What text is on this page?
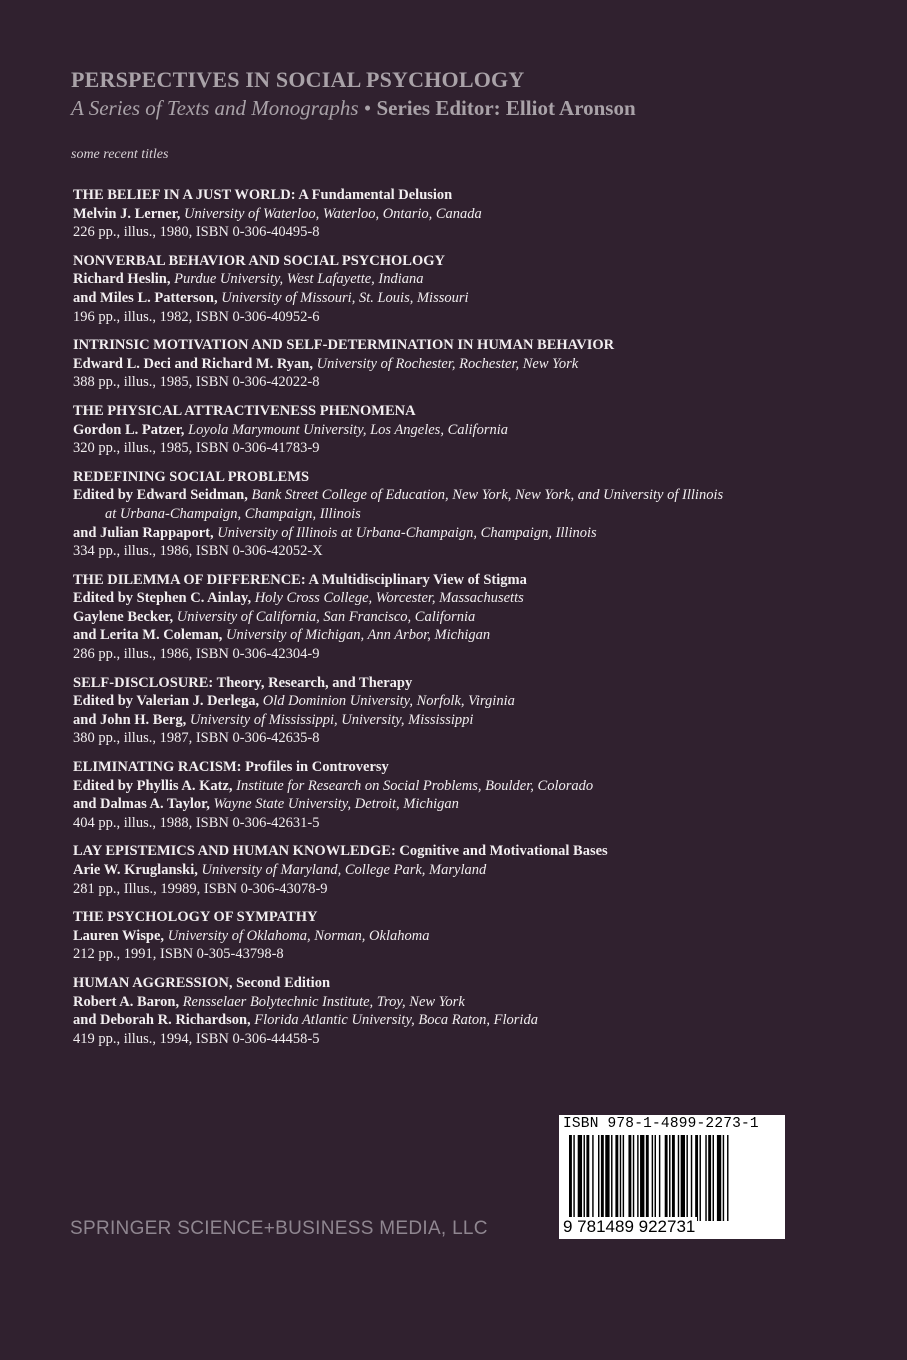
PERSPECTIVES IN SOCIAL PSYCHOLOGY
A Series of Texts and Monographs • Series Editor: Elliot Aronson
some recent titles
THE BELIEF IN A JUST WORLD: A Fundamental Delusion
Melvin J. Lerner, University of Waterloo, Waterloo, Ontario, Canada
226 pp., illus., 1980, ISBN 0-306-40495-8
NONVERBAL BEHAVIOR AND SOCIAL PSYCHOLOGY
Richard Heslin, Purdue University, West Lafayette, Indiana
and Miles L. Patterson, University of Missouri, St. Louis, Missouri
196 pp., illus., 1982, ISBN 0-306-40952-6
INTRINSIC MOTIVATION AND SELF-DETERMINATION IN HUMAN BEHAVIOR
Edward L. Deci and Richard M. Ryan, University of Rochester, Rochester, New York
388 pp., illus., 1985, ISBN 0-306-42022-8
THE PHYSICAL ATTRACTIVENESS PHENOMENA
Gordon L. Patzer, Loyola Marymount University, Los Angeles, California
320 pp., illus., 1985, ISBN 0-306-41783-9
REDEFINING SOCIAL PROBLEMS
Edited by Edward Seidman, Bank Street College of Education, New York, New York, and University of Illinois
at Urbana-Champaign, Champaign, Illinois
and Julian Rappaport, University of Illinois at Urbana-Champaign, Champaign, Illinois
334 pp., illus., 1986, ISBN 0-306-42052-X
THE DILEMMA OF DIFFERENCE: A Multidisciplinary View of Stigma
Edited by Stephen C. Ainlay, Holy Cross College, Worcester, Massachusetts
Gaylene Becker, University of California, San Francisco, California
and Lerita M. Coleman, University of Michigan, Ann Arbor, Michigan
286 pp., illus., 1986, ISBN 0-306-42304-9
SELF-DISCLOSURE: Theory, Research, and Therapy
Edited by Valerian J. Derlega, Old Dominion University, Norfolk, Virginia
and John H. Berg, University of Mississippi, University, Mississippi
380 pp., illus., 1987, ISBN 0-306-42635-8
ELIMINATING RACISM: Profiles in Controversy
Edited by Phyllis A. Katz, Institute for Research on Social Problems, Boulder, Colorado
and Dalmas A. Taylor, Wayne State University, Detroit, Michigan
404 pp., illus., 1988, ISBN 0-306-42631-5
LAY EPISTEMICS AND HUMAN KNOWLEDGE: Cognitive and Motivational Bases
Arie W. Kruglanski, University of Maryland, College Park, Maryland
281 pp., Illus., 19989, ISBN 0-306-43078-9
THE PSYCHOLOGY OF SYMPATHY
Lauren Wispe, University of Oklahoma, Norman, Oklahoma
212 pp., 1991, ISBN 0-305-43798-8
HUMAN AGGRESSION, Second Edition
Robert A. Baron, Rensselaer Bolytechnic Institute, Troy, New York
and Deborah R. Richardson, Florida Atlantic University, Boca Raton, Florida
419 pp., illus., 1994, ISBN 0-306-44458-5
SPRINGER SCIENCE+BUSINESS MEDIA, LLC
ISBN 978-1-4899-2273-1
9 781489 922731
